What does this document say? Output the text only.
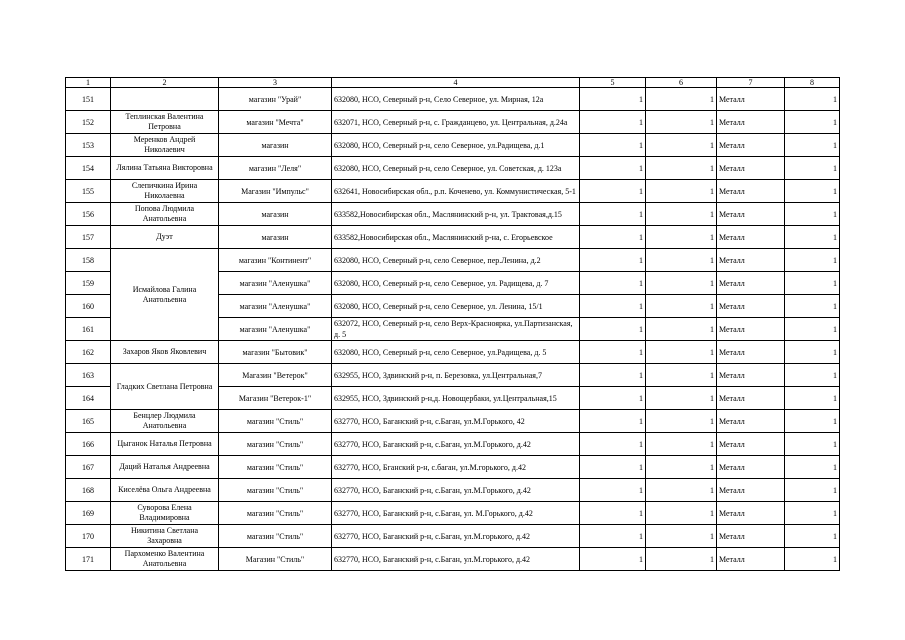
1	2	3	4	5	6	7	8
151		магазин "Урай"	632080, НСО, Северный р-н, Село Северное, ул. Мирная, 12а	1	1	Металл	1
152	Теплинская Валентина Петровна	магазин "Мечта"	632071, НСО, Северный р-н, с. Гражданцево, ул. Центральная, д.24а	1	1	Металл	1
153	Меренков Андрей Николаевич	магазин	632080, НСО, Северный р-н, село Северное, ул.Радищева, д.1	1	1	Металл	1
154	Лялина Татьяна Викторовна	магазин "Леля"	632080, НСО, Северный р-н, село Северное, ул. Советская, д. 123а	1	1	Металл	1
155	Слепичкина Ирина Николаевна	Магазин "Импульс"	632641, Новосибирская обл., р.п. Коченево, ул. Коммунистическая, 5-1	1	1	Металл	1
156	Попова Людмила Анатольевна	магазин	633582,Новосибирская обл., Маслянинский р-н, ул. Трактовая,д.15	1	1	Металл	1
157	Дуэт	магазин	633582,Новосибирская обл., Маслянинский р-на, с. Егорьевское	1	1	Металл	1
158	Исмайлова Галина Анатольевна	магазин "Континент"	632080, НСО, Северный р-н, село Северное, пер.Ленина, д.2	1	1	Металл	1
159		магазин "Аленушка"	632080, НСО, Северный р-н, село Северное, ул. Радищева, д. 7	1	1	Металл	1
160		магазин "Аленушка"	632080, НСО, Северный р-н, село Северное, ул. Ленина, 15/1	1	1	Металл	1
161		магазин "Аленушка"	632072, НСО, Северный р-н, село Верх-Красноярка, ул.Партизанская, д. 5	1	1	Металл	1
162	Захаров Яков Яковлевич	магазин "Бытовик"	632080, НСО, Северный р-н, село Северное, ул.Радищева, д. 5	1	1	Металл	1
163	Гладких Светлана Петровна	Магазин "Ветерок"	632955, НСО, Здвинский р-н, п. Березовка, ул.Центральная,7	1	1	Металл	1
164		Магазин "Ветерок-1"	632955, НСО, Здвинский р-н,д. Новощербаки, ул.Центральная,15	1	1	Металл	1
165	Бенцлер Людмила Анатольевна	магазин "Стиль"	632770, НСО, Баганский р-н, с.Баган, ул.М.Горького, 42	1	1	Металл	1
166	Цыганок Наталья Петровна	магазин "Стиль"	632770, НСО, Баганский р-н, с.Баган, ул.М.Горького, д.42	1	1	Металл	1
167	Даций Наталья Андреевна	магазин "Стиль"	632770, НСО, Бганский р-н, с.баган, ул.М.горького, д.42	1	1	Металл	1
168	Киселёва Ольга Андреевна	магазин "Стиль"	632770, НСО, Баганский р-н, с.Баган, ул.М.Горького, д.42	1	1	Металл	1
169	Суворова Елена Владимировна	магазин "Стиль"	632770, НСО, Баганский р-н, с.Баган, ул. М.Горького, д.42	1	1	Металл	1
170	Никитина Светлана Захаровна	магазин "Стиль"	632770, НСО, Баганский р-н, с.Баган, ул.М.горького, д.42	1	1	Металл	1
171	Пархоменко Валентина Анатольевна	Магазин "Стиль"	632770, НСО, Баганский р-н, с.Баган, ул.М.горького, д.42	1	1	Металл	1
